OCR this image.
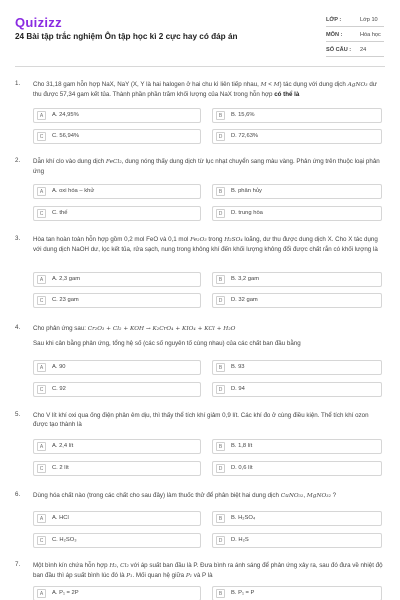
Quizizz
24 Bài tập trắc nghiệm Ôn tập học kì 2 cực hay có đáp án
LỚP :	Lớp 10
MÔN :	Hóa học
SỐ CÂU : 24
1. Cho 31,18 gam hỗn hợp NaX, NaY (X, Y là hai halogen ở hai chu kì liên tiếp nhau, M < M) tác dụng với dung dịch AgNO₃ dư thu được 57,34 gam kết tủa. Thành phần phần trăm khối lượng của NaX trong hỗn hợp có thể là
A	A. 24,95%	B	B. 15,6%
C	C. 56,94%	D	D. 72,63%
2. Dẫn khí clo vào dung dịch FeCl₂, dung nóng thấy dung dịch từ lục nhạt chuyển sang màu vàng. Phản ứng trên thuộc loại phản ứng
A	A. oxi hóa – khử	B	B. phân hủy
C	C. thế	D	D. trung hòa
3. Hòa tan hoàn toàn hỗn hợp gồm 0,2 mol FeO và 0,1 mol Fe₂O₃ trong H₂SO₄ loãng, dư thu được dung dịch X. Cho X tác dụng với dung dịch NaOH dư, lọc kết tủa, rửa sạch, nung trong không khí đến khối lượng không đổi được chất rắn có khối lượng là
A	A. 2,3 gam	B	B. 3,2 gam
C	C. 23 gam	D	D. 32 gam
4. Cho phản ứng sau: Cr₂O₃ + Cl₂ + KOH → K₂CrO₄ + KIO₄ + KCl + H₂O
Sau khi cân bằng phản ứng, tổng hệ số (các số nguyên tố cùng nhau) của các chất ban đầu bằng
A	A. 90	B	B. 93
C	C. 92	D	D. 94
5. Cho V lít khí oxi qua ống điện phân êm dịu, thì thấy thể tích khí giảm 0,9 lít. Các khí đo ở cùng điều kiện. Thể tích khí ozon được tạo thành là
A	A. 2,4 lít	B	B. 1,8 lít
C	C. 2 lít	D	D. 0,6 lít
6. Dùng hóa chất nào (trong các chất cho sau đây) làm thuốc thử để phân biệt hai dung dịch CuNO₃₂, MgNO₃₂ ?
A	A. HCl	B	B. H₂SO₄
C	C. H₂SO₃	D	D. H₂S
7. Một bình kín chứa hỗn hợp H₂, Cl₂ với áp suất ban đầu là P. Đưa bình ra ánh sáng để phản ứng xảy ra, sau đó đưa về nhiệt độ ban đầu thì áp suất bình lúc đó là P₁. Mối quan hệ giữa P₁ và P là
A	A. P₁ = 2P	B	B. P₁ = P
